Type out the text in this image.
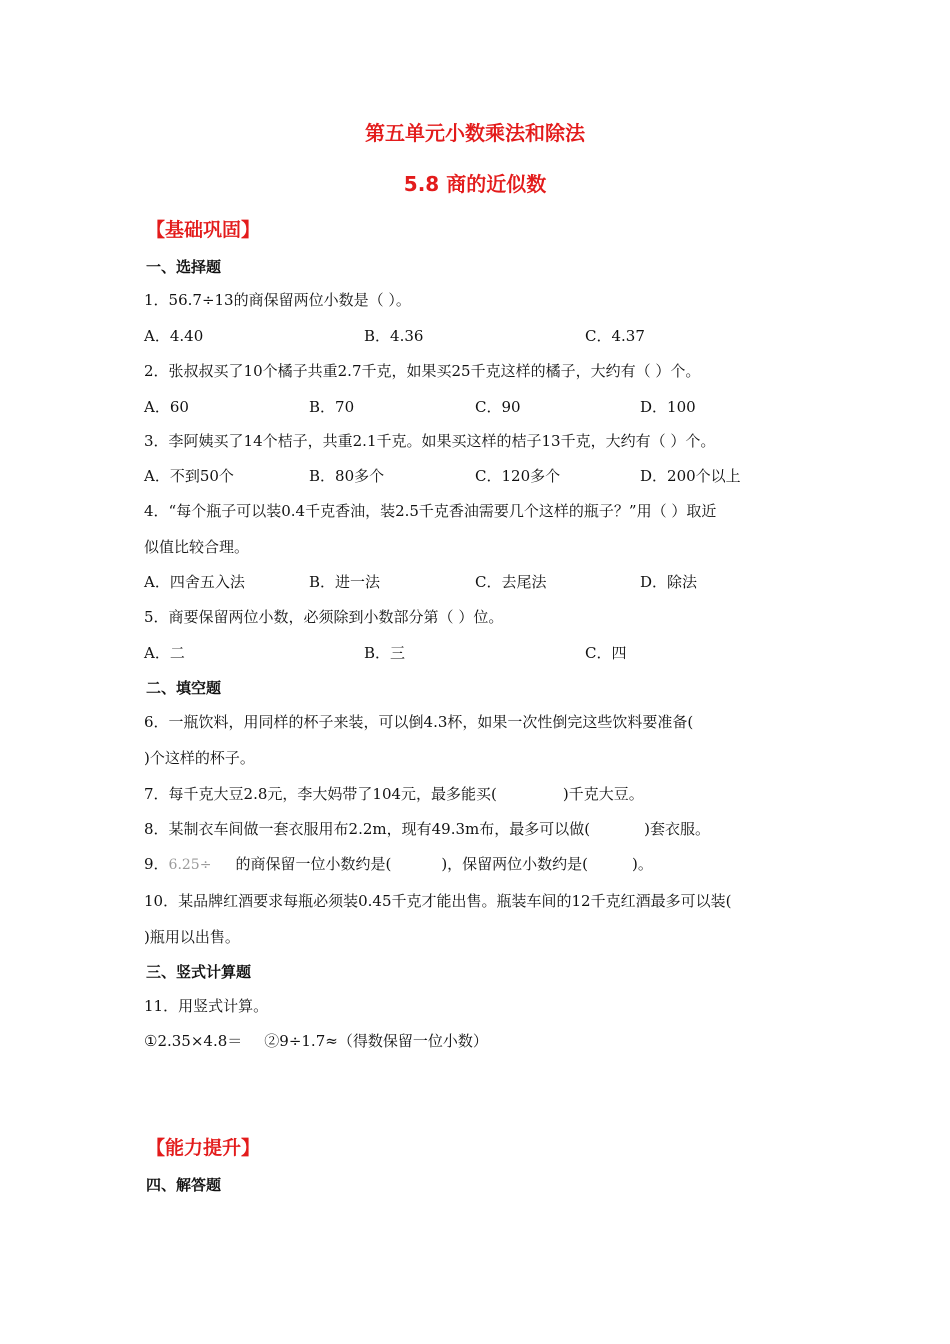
第五单元小数乘法和除法
5.8 商的近似数
【基础巩固】
一、选择题
1．56.7÷13的商保留两位小数是（ ）。
A．4.40	B．4.36	C．4.37
2．张叔叔买了10个橘子共重2.7千克，如果买25千克这样的橘子，大约有（ ）个。
A．60	B．70	C．90	D．100
3．李阿姨买了14个桔子，共重2.1千克。如果买这样的桔子13千克，大约有（ ）个。
A．不到50个	B．80多个	C．120多个	D．200个以上
4．“每个瓶子可以装0.4千克香油，装2.5千克香油需要几个这样的瓶子？”用（ ）取近
似值比较合理。
A．四舍五入法	B．进一法	C．去尾法	D．除法
5．商要保留两位小数，必须除到小数部分第（ ）位。
A．二	B．三	C．四
二、填空题
6．一瓶饮料，用同样的杯子来装，可以倒4.3杯，如果一次性倒完这些饮料要准备(
)个这样的杯子。
7．每千克大豆2.8元，李大妈带了104元，最多能买(	)千克大豆。
8．某制衣车间做一套衣服用布2.2m，现有49.3m布，最多可以做(	)套衣服。
9．6.25÷ 的商保留一位小数约是(	)，保留两位小数约是(	)。
10．某品牌红酒要求每瓶必须装0.45千克才能出售。瓶装车间的12千克红酒最多可以装(
)瓶用以出售。
三、竖式计算题
11．用竖式计算。
①2.35×4.8＝ ②9÷1.7≈（得数保留一位小数）
【能力提升】
四、解答题
